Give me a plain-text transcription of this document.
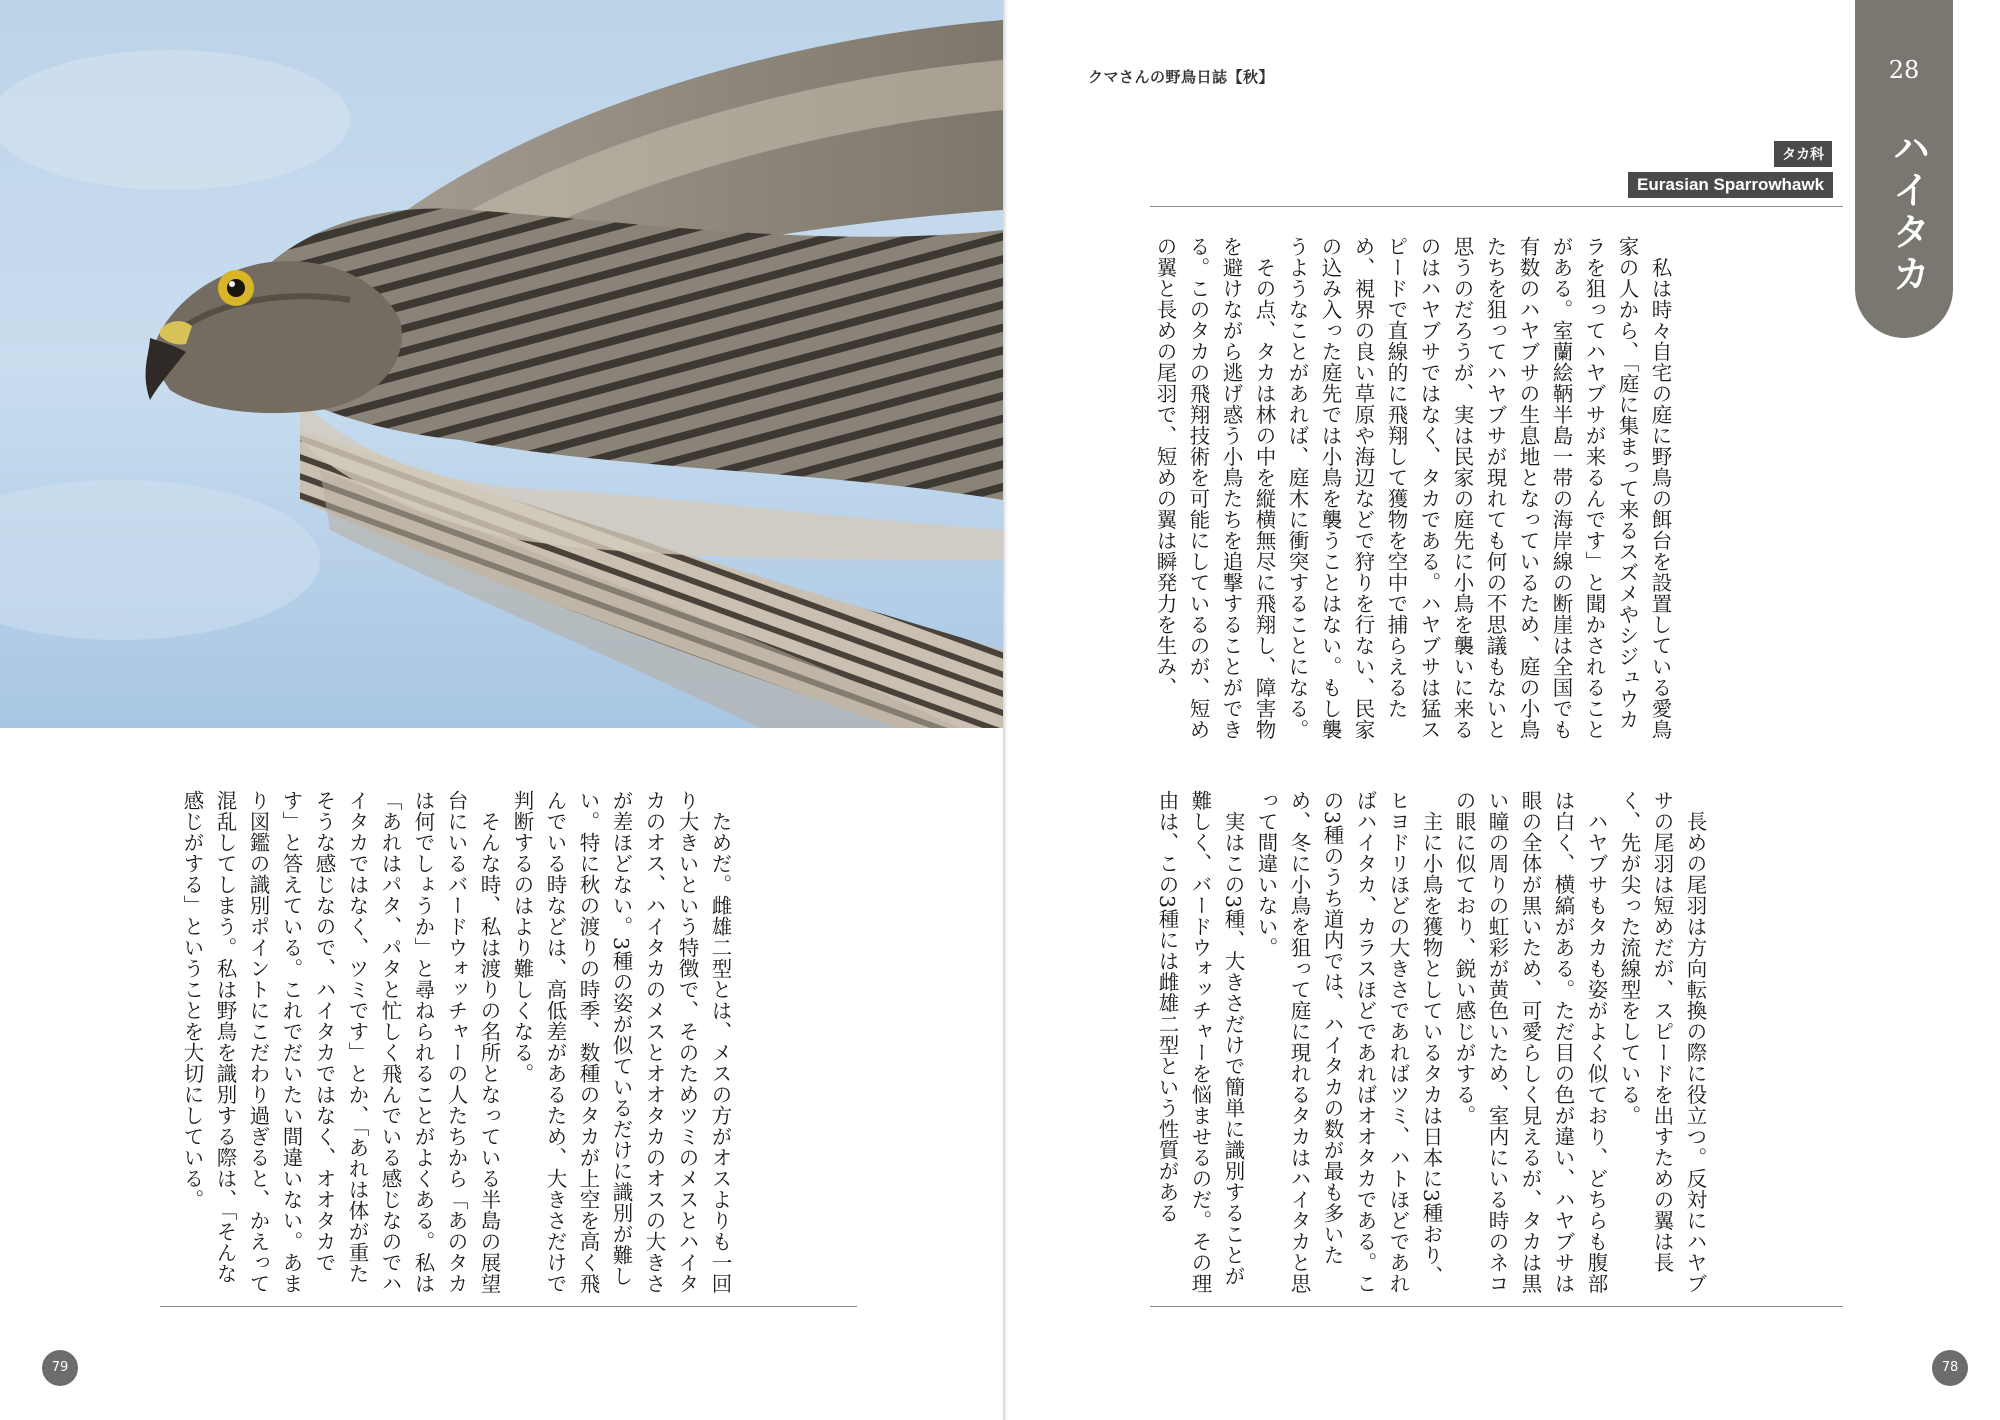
ためだ。雌雄二型とは、メスの方がオスよりも一回り大きいという特徴で、そのためツミのメスとハイタカのオス、ハイタカのメスとオオタカのオスの大きさが差ほどない。3種の姿が似ているだけに識別が難しい。特に秋の渡りの時季、数種のタカが上空を高く飛んでいる時などは、高低差があるため、大きさだけで判断するのはより難しくなる。

そんな時、私は渡りの名所となっている半島の展望台にいるバードウォッチャーの人たちから「あのタカは何でしょうか」と尋ねられることがよくある。私は「あれはパタ、パタと忙しく飛んでいる感じなのでハイタカではなく、ツミです」とか、「あれは体が重たそうな感じなので、ハイタカではなく、オオタカです」と答えている。これでだいたい間違いない。あまり図鑑の識別ポイントにこだわり過ぎると、かえって混乱してしまう。私は野鳥を識別する際は、「そんな感じがする」ということを大切にしている。

79
クマさんの野鳥日誌【秋】	28
ハイタカ
タカ科
Eurasian Sparrowhawk

私は時々自宅の庭に野鳥の餌台を設置している愛鳥家の人から、「庭に集まって来るスズメやシジュウカラを狙ってハヤブサが来るんです」と聞かされることがある。室蘭絵鞆半島一帯の海岸線の断崖は全国でも有数のハヤブサの生息地となっているため、庭の小鳥たちを狙ってハヤブサが現れても何の不思議もないと思うのだろうが、実は民家の庭先に小鳥を襲いに来るのはハヤブサではなく、タカである。ハヤブサは猛スピードで直線的に飛翔して獲物を空中で捕らえるため、視界の良い草原や海辺などで狩りを行ない、民家の込み入った庭先では小鳥を襲うことはない。もし襲うようなことがあれば、庭木に衝突することになる。

その点、タカは林の中を縦横無尽に飛翔し、障害物を避けながら逃げ惑う小鳥たちを追撃することができる。このタカの飛翔技術を可能にしているのが、短めの翼と長めの尾羽で、短めの翼は瞬発力を生み、

長めの尾羽は方向転換の際に役立つ。反対にハヤブサの尾羽は短めだが、スピードを出すための翼は長く、先が尖った流線型をしている。

ハヤブサもタカも姿がよく似ており、どちらも腹部は白く、横縞がある。ただ目の色が違い、ハヤブサは眼の全体が黒いため、可愛らしく見えるが、タカは黒い瞳の周りの虹彩が黄色いため、室内にいる時のネコの眼に似ており、鋭い感じがする。

主に小鳥を獲物としているタカは日本に3種おり、ヒヨドリほどの大きさであればツミ、ハトほどであればハイタカ、カラスほどであればオオタカである。この3種のうち道内では、ハイタカの数が最も多いため、冬に小鳥を狙って庭に現れるタカはハイタカと思って間違いない。

実はこの3種、大きさだけで簡単に識別することが難しく、バードウォッチャーを悩ませるのだ。その理由は、この3種には雌雄二型という性質がある

78
